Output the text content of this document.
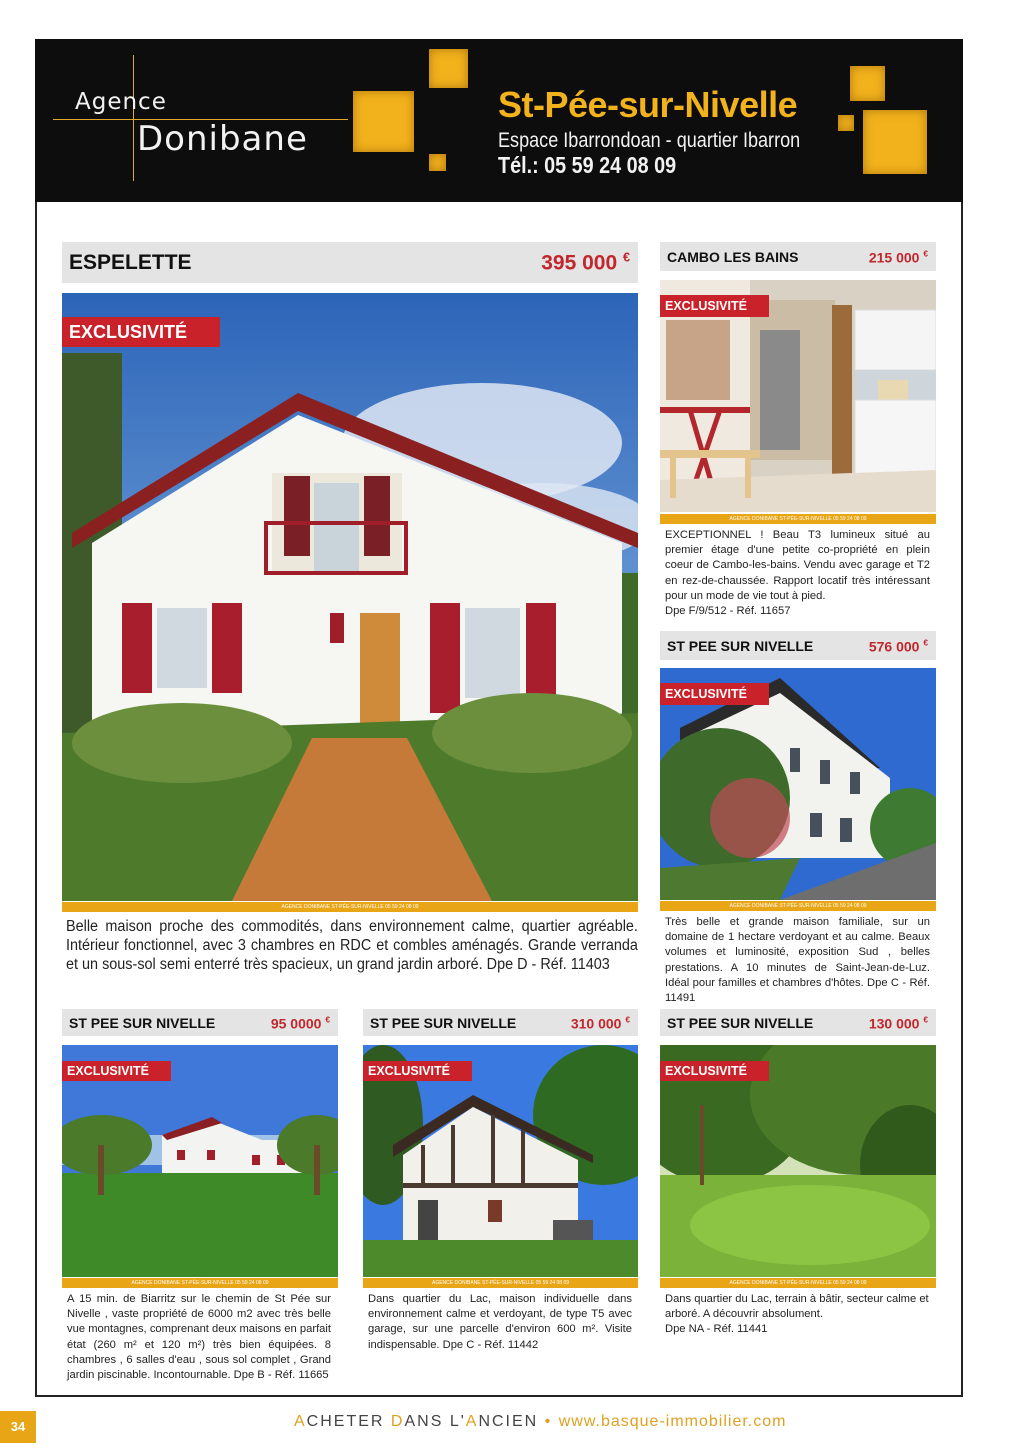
Agence
Donibane
St-Pée-sur-Nivelle
Espace Ibarrondoan - quartier Ibarron
Tél.: 05 59 24 08 09
ESPELETTE	395 000 €
EXCLUSIVITÉ
AGENCE DONIBANE ST-PÉE-SUR-NIVELLE 05 59 24 08 09
Belle maison proche des commodités, dans environnement calme, quartier agréable. Intérieur fonctionnel, avec 3 chambres en RDC et combles aménagés. Grande verranda et un sous-sol semi enterré très spacieux, un grand jardin arboré. Dpe D - Réf. 11403
CAMBO LES BAINS	215 000 €
EXCLUSIVITÉ
AGENCE DONIBANE ST-PÉE-SUR-NIVELLE 05 59 24 08 09
EXCEPTIONNEL ! Beau T3 lumineux situé au premier étage d'une petite co-propriété en plein coeur de Cambo-les-bains. Vendu avec garage et T2 en rez-de-chaussée. Rapport locatif très intéressant pour un mode de vie tout à pied.
Dpe F/9/512 - Réf. 11657
ST PEE SUR NIVELLE	576 000 €
EXCLUSIVITÉ
AGENCE DONIBANE ST-PÉE-SUR-NIVELLE 05 59 24 08 09
Très belle et grande maison familiale, sur un domaine de 1 hectare verdoyant et au calme. Beaux volumes et luminosité, exposition Sud , belles prestations. A 10 minutes de Saint-Jean-de-Luz. Idéal pour familles et chambres d'hôtes. Dpe C - Réf. 11491
ST PEE SUR NIVELLE	95 0000 €
EXCLUSIVITÉ
AGENCE DONIBANE ST-PÉE-SUR-NIVELLE 05 59 24 08 09
A 15 min. de Biarritz sur le chemin de St Pée sur Nivelle , vaste propriété de 6000 m2 avec très belle vue montagnes, comprenant deux maisons en parfait état (260 m² et 120 m²) très bien équipées. 8 chambres , 6 salles d'eau , sous sol complet , Grand jardin piscinable. Incontournable. Dpe B - Réf. 11665
ST PEE SUR NIVELLE	310 000 €
EXCLUSIVITÉ
AGENCE DONIBANE ST-PÉE-SUR-NIVELLE 05 59 24 08 09
Dans quartier du Lac, maison individuelle dans environnement calme et verdoyant, de type T5 avec garage, sur une parcelle d'environ 600 m². Visite indispensable. Dpe C - Réf. 11442
ST PEE SUR NIVELLE	130 000 €
EXCLUSIVITÉ
AGENCE DONIBANE ST-PÉE-SUR-NIVELLE 05 59 24 08 09
Dans quartier du Lac, terrain à bâtir, secteur calme et arboré. A découvrir absolument.
Dpe NA - Réf. 11441
34	ACHETER DANS L'ANCIEN • www.basque-immobilier.com
